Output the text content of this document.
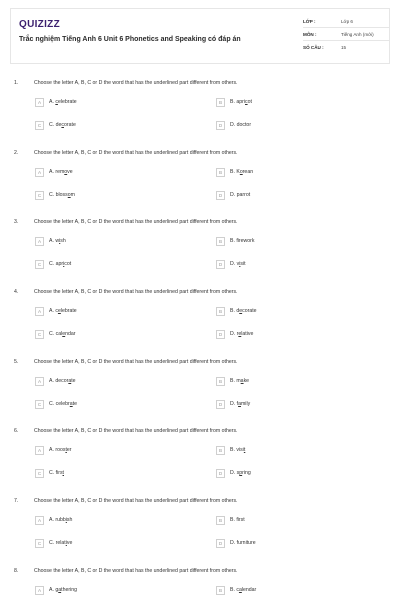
QUIZIZZ
Trắc nghiệm Tiếng Anh 6 Unit 6 Phonetics and Speaking có đáp án
LỚP :	Lớp 6
MÔN :	Tiếng Anh (mới)
SỐ CÂU :	15
1.	Choose the letter A, B, C or D the word that has the underlined part different from others.
A	A. celebrate	B	B. apricot
C	C. decorate	D	D. doctor
2.	Choose the letter A, B, C or D the word that has the underlined part different from others.
A	A. remove	B	B. Korean
C	C. blossom	D	D. parrot
3.	Choose the letter A, B, C or D the word that has the underlined part different from others.
A	A. wish	B	B. firework
C	C. apricot	D	D. visit
4.	Choose the letter A, B, C or D the word that has the underlined part different from others.
A	A. celebrate	B	B. decorate
C	C. calendar	D	D. relative
5.	Choose the letter A, B, C or D the word that has the underlined part different from others.
A	A. decorate	B	B. make
C	C. celebrate	D	D. family
6.	Choose the letter A, B, C or D the word that has the underlined part different from others.
A	A. rooster	B	B. visit
C	C. first	D	D. spring
7.	Choose the letter A, B, C or D the word that has the underlined part different from others.
A	A. rubbish	B	B. first
C	C. relative	D	D. furniture
8.	Choose the letter A, B, C or D the word that has the underlined part different from others.
A	A. gathering	B	B. calendar
